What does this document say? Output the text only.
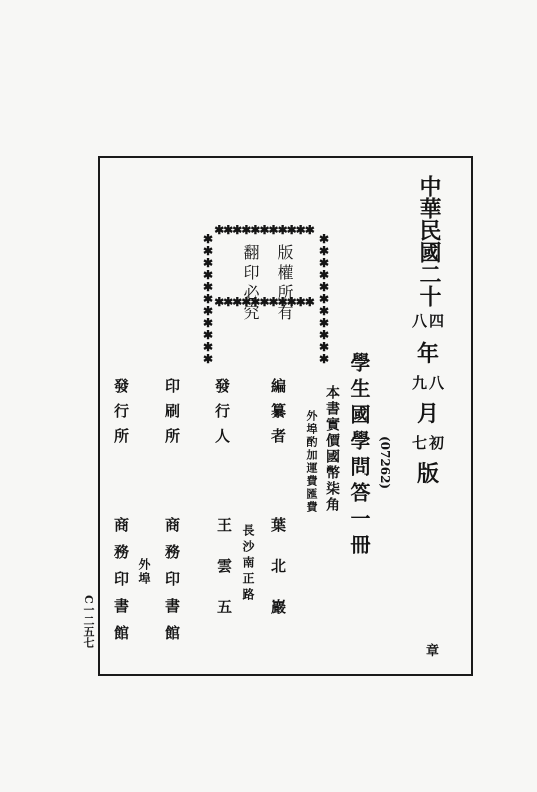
中華民國二十
四
八
年
八
九
月
初
七
版
✱✱✱✱✱✱✱✱✱✱✱
✱✱✱✱✱✱✱✱✱✱✱
✱✱✱✱✱✱✱✱✱✱✱	✱✱✱✱✱✱✱✱✱✱✱
版權所有
翻印必究
學生國學問答一冊 (07262)
本書實價國幣柒角
外埠酌加運費匯費
編纂者
葉北巖
發行人
王雲五 長沙南正路
印刷所
商務印書館
發行所
商務印書館 外埠
章
C一二五七
